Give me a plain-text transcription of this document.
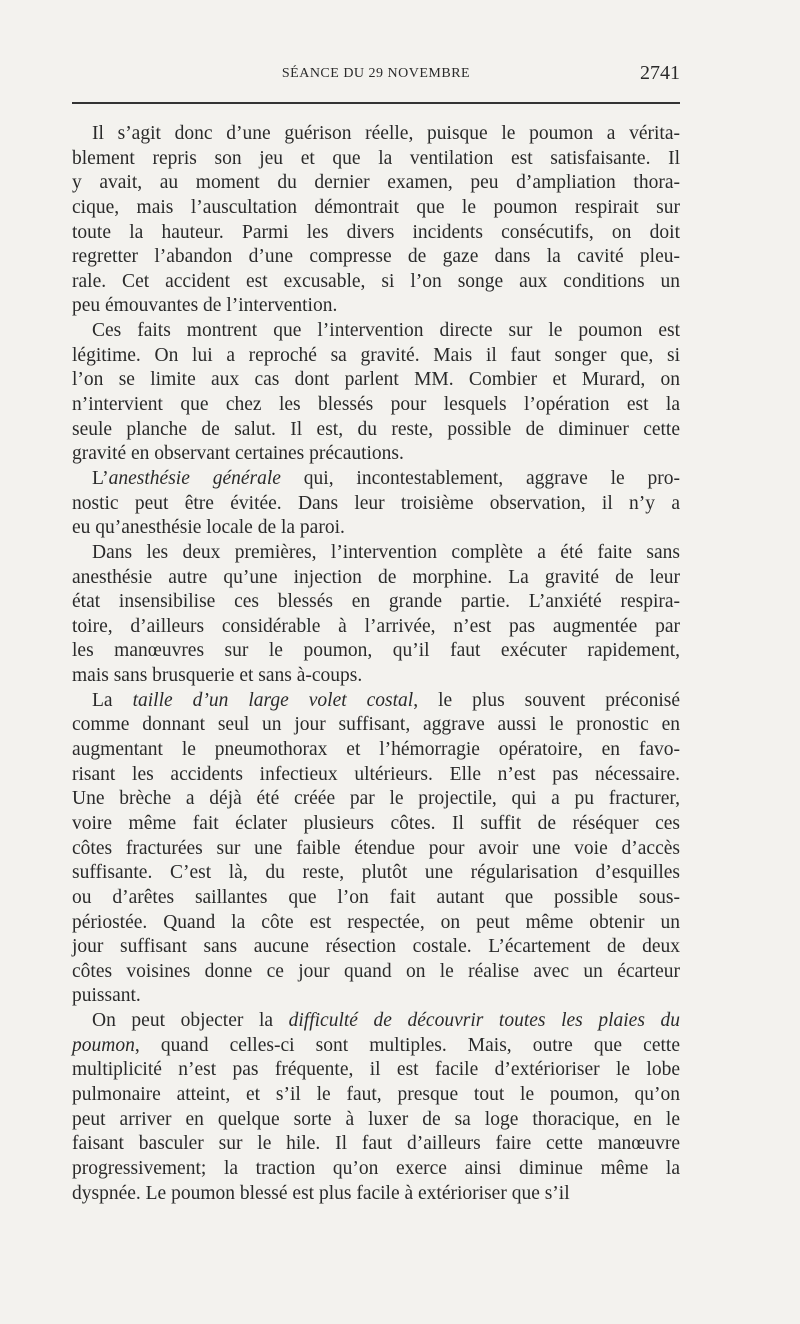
SÉANCE DU 29 NOVEMBRE	2741
Il s’agit donc d’une guérison réelle, puisque le poumon a vérita-
blement repris son jeu et que la ventilation est satisfaisante. Il
y avait, au moment du dernier examen, peu d’ampliation thora-
cique, mais l’auscultation démontrait que le poumon respirait sur
toute la hauteur. Parmi les divers incidents consécutifs, on doit
regretter l’abandon d’une compresse de gaze dans la cavité pleu-
rale. Cet accident est excusable, si l’on songe aux conditions un
peu émouvantes de l’intervention.
Ces faits montrent que l’intervention directe sur le poumon est
légitime. On lui a reproché sa gravité. Mais il faut songer que, si
l’on se limite aux cas dont parlent MM. Combier et Murard, on
n’intervient que chez les blessés pour lesquels l’opération est la
seule planche de salut. Il est, du reste, possible de diminuer cette
gravité en observant certaines précautions.
L’anesthésie générale qui, incontestablement, aggrave le pro-
nostic peut être évitée. Dans leur troisième observation, il n’y a
eu qu’anesthésie locale de la paroi.
Dans les deux premières, l’intervention complète a été faite sans
anesthésie autre qu’une injection de morphine. La gravité de leur
état insensibilise ces blessés en grande partie. L’anxiété respira-
toire, d’ailleurs considérable à l’arrivée, n’est pas augmentée par
les manœuvres sur le poumon, qu’il faut exécuter rapidement,
mais sans brusquerie et sans à-coups.
La taille d’un large volet costal, le plus souvent préconisé
comme donnant seul un jour suffisant, aggrave aussi le pronostic en
augmentant le pneumothorax et l’hémorragie opératoire, en favo-
risant les accidents infectieux ultérieurs. Elle n’est pas nécessaire.
Une brèche a déjà été créée par le projectile, qui a pu fracturer,
voire même fait éclater plusieurs côtes. Il suffit de réséquer ces
côtes fracturées sur une faible étendue pour avoir une voie d’accès
suffisante. C’est là, du reste, plutôt une régularisation d’esquilles
ou d’arêtes saillantes que l’on fait autant que possible sous-
périostée. Quand la côte est respectée, on peut même obtenir un
jour suffisant sans aucune résection costale. L’écartement de deux
côtes voisines donne ce jour quand on le réalise avec un écarteur
puissant.
On peut objecter la difficulté de découvrir toutes les plaies du
poumon, quand celles-ci sont multiples. Mais, outre que cette
multiplicité n’est pas fréquente, il est facile d’extérioriser le lobe
pulmonaire atteint, et s’il le faut, presque tout le poumon, qu’on
peut arriver en quelque sorte à luxer de sa loge thoracique, en le
faisant basculer sur le hile. Il faut d’ailleurs faire cette manœuvre
progressivement; la traction qu’on exerce ainsi diminue même la
dyspnée. Le poumon blessé est plus facile à extérioriser que s’il
